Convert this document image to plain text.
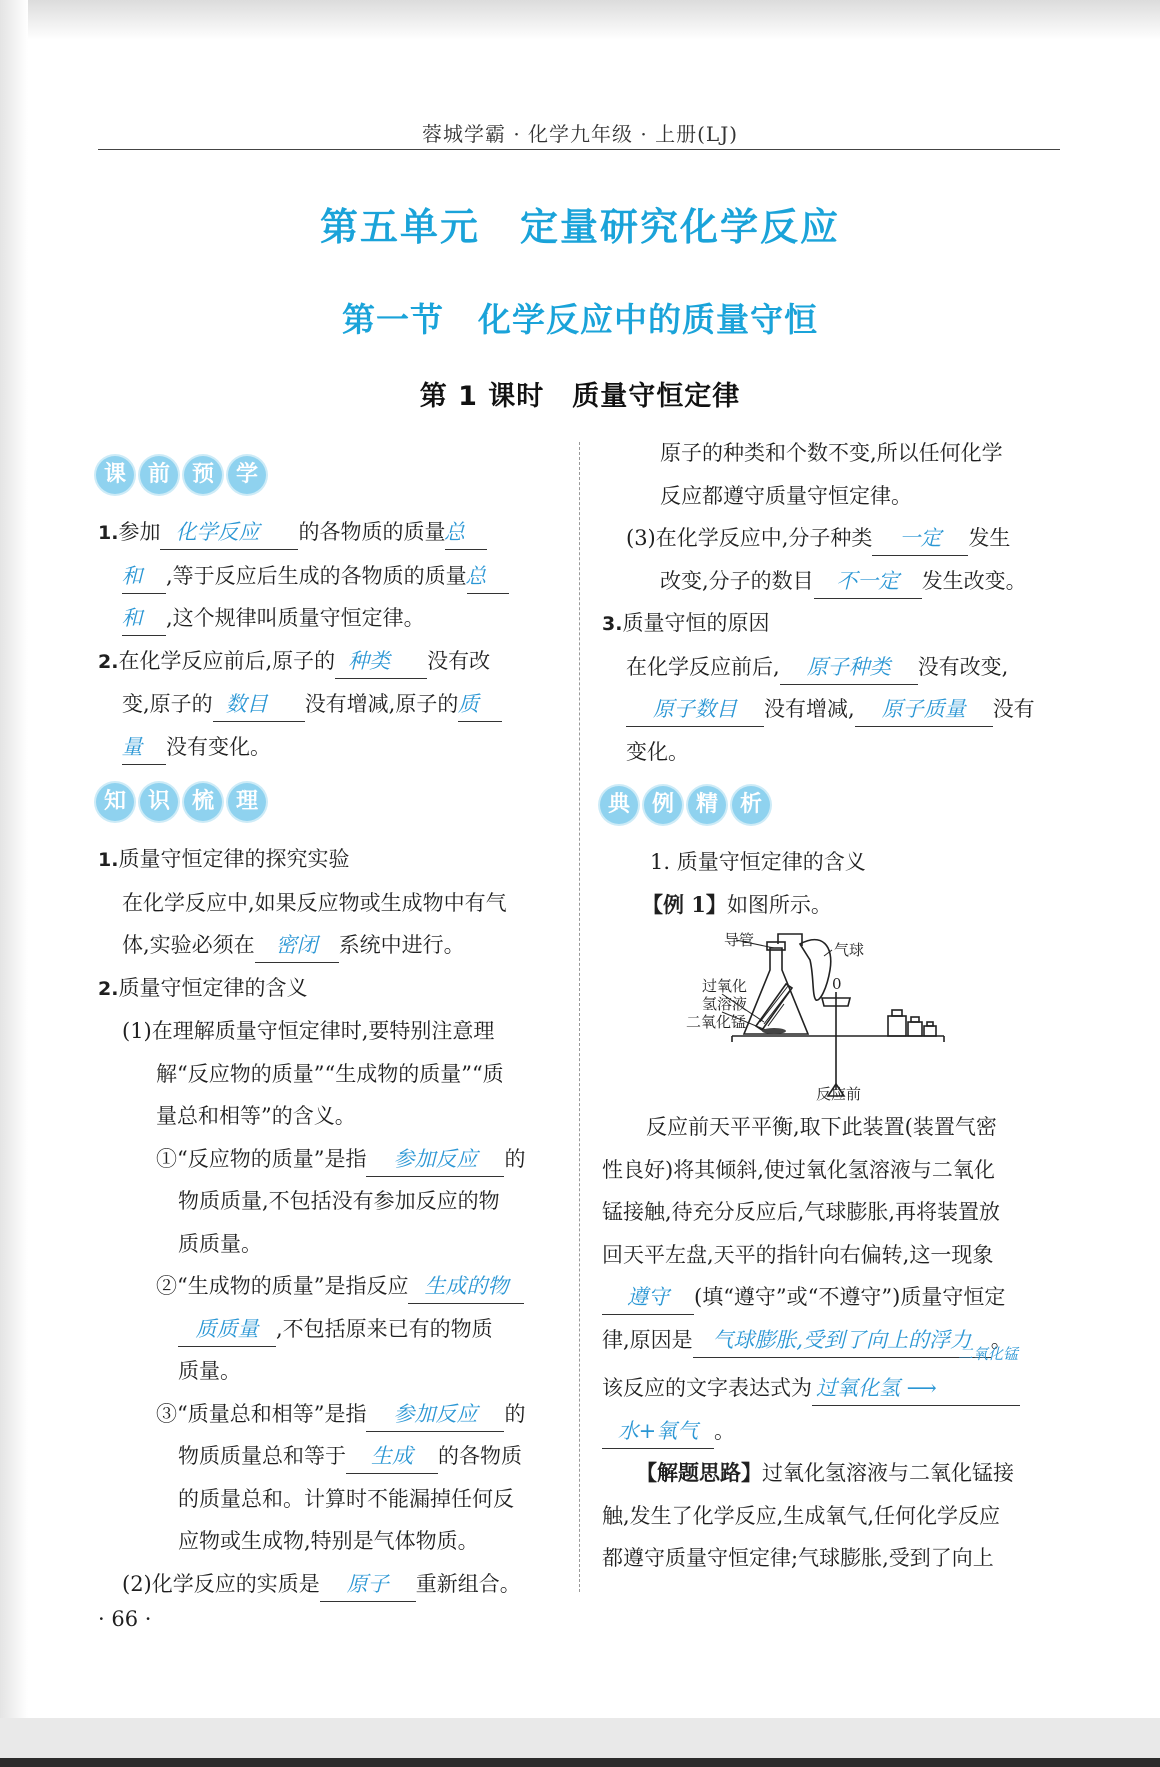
蓉城学霸 · 化学九年级 · 上册(LJ)
第五单元　定量研究化学反应
第一节　化学反应中的质量守恒
第 1 课时　质量守恒定律
课 前 预 学
1.参加 化学反应 的各物质的质量总
和 ,等于反应后生成的各物质的质量总
和 ,这个规律叫质量守恒定律。
2.在化学反应前后,原子的 种类 没有改
变,原子的 数目 没有增减,原子的质
量 没有变化。
知 识 梳 理
1.质量守恒定律的探究实验
在化学反应中,如果反应物或生成物中有气
体,实验必须在 密闭 系统中进行。
2.质量守恒定律的含义
(1)在理解质量守恒定律时,要特别注意理
解“反应物的质量”“生成物的质量”“质
量总和相等”的含义。
①“反应物的质量”是指 参加反应 的
物质质量,不包括没有参加反应的物
质质量。
②“生成物的质量”是指反应 生成的物
质质量 ,不包括原来已有的物质
质量。
③“质量总和相等”是指 参加反应 的
物质质量总和等于 生成 的各物质
的质量总和。计算时不能漏掉任何反
应物或生成物,特别是气体物质。
(2)化学反应的实质是 原子 重新组合。
原子的种类和个数不变,所以任何化学
反应都遵守质量守恒定律。
(3)在化学反应中,分子种类 一定 发生
改变,分子的数目 不一定 发生改变。
3.质量守恒的原因
在化学反应前后, 原子种类 没有改变,
原子数目 没有增减, 原子质量 没有
变化。
典 例 精 析
1. 质量守恒定律的含义
【例 1】如图所示。
导管
气球
过氧化
氢溶液
二氧化锰
0
反应前
反应前天平平衡,取下此装置(装置气密
性良好)将其倾斜,使过氧化氢溶液与二氧化
锰接触,待充分反应后,气球膨胀,再将装置放
回天平左盘,天平的指针向右偏转,这一现象
遵守 (填“遵守”或“不遵守”)质量守恒定
律,原因是 气球膨胀,受到了向上的浮力 。
该反应的文字表达式为 过氧化氢 ⟶
二氧化锰

水+氧气 。
【解题思路】过氧化氢溶液与二氧化锰接
触,发生了化学反应,生成氧气,任何化学反应
都遵守质量守恒定律;气球膨胀,受到了向上
· 66 ·
